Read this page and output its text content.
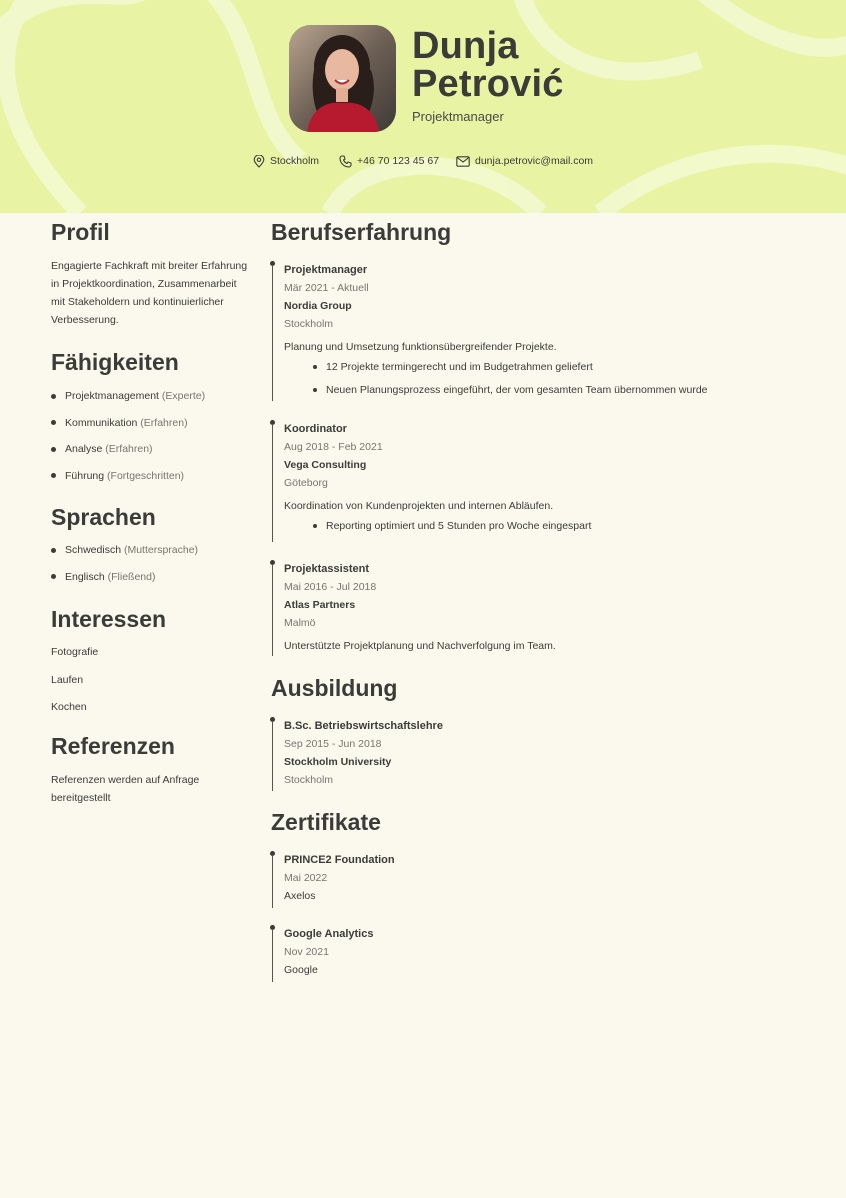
Dunja
Petrović
Projektmanager
Stockholm	+46 70 123 45 67	dunja.petrovic@mail.com
Profil
Engagierte Fachkraft mit breiter Erfahrung in Projektkoordination, Zusammenarbeit mit Stakeholdern und kontinuierlicher Verbesserung.
Fähigkeiten
Projektmanagement (Experte)
Kommunikation (Erfahren)
Analyse (Erfahren)
Führung (Fortgeschritten)
Sprachen
Schwedisch (Muttersprache)
Englisch (Fließend)
Interessen
Fotografie
Laufen
Kochen
Referenzen
Referenzen werden auf Anfrage bereitgestellt
Berufserfahrung
Projektmanager
Mär 2021 - Aktuell
Nordia Group
Stockholm
Planung und Umsetzung funktionsübergreifender Projekte.
12 Projekte termingerecht und im Budgetrahmen geliefert
Neuen Planungsprozess eingeführt, der vom gesamten Team übernommen wurde
Koordinator
Aug 2018 - Feb 2021
Vega Consulting
Göteborg
Koordination von Kundenprojekten und internen Abläufen.
Reporting optimiert und 5 Stunden pro Woche eingespart
Projektassistent
Mai 2016 - Jul 2018
Atlas Partners
Malmö
Unterstützte Projektplanung und Nachverfolgung im Team.
Ausbildung
B.Sc. Betriebswirtschaftslehre
Sep 2015 - Jun 2018
Stockholm University
Stockholm
Zertifikate
PRINCE2 Foundation
Mai 2022
Axelos
Google Analytics
Nov 2021
Google
